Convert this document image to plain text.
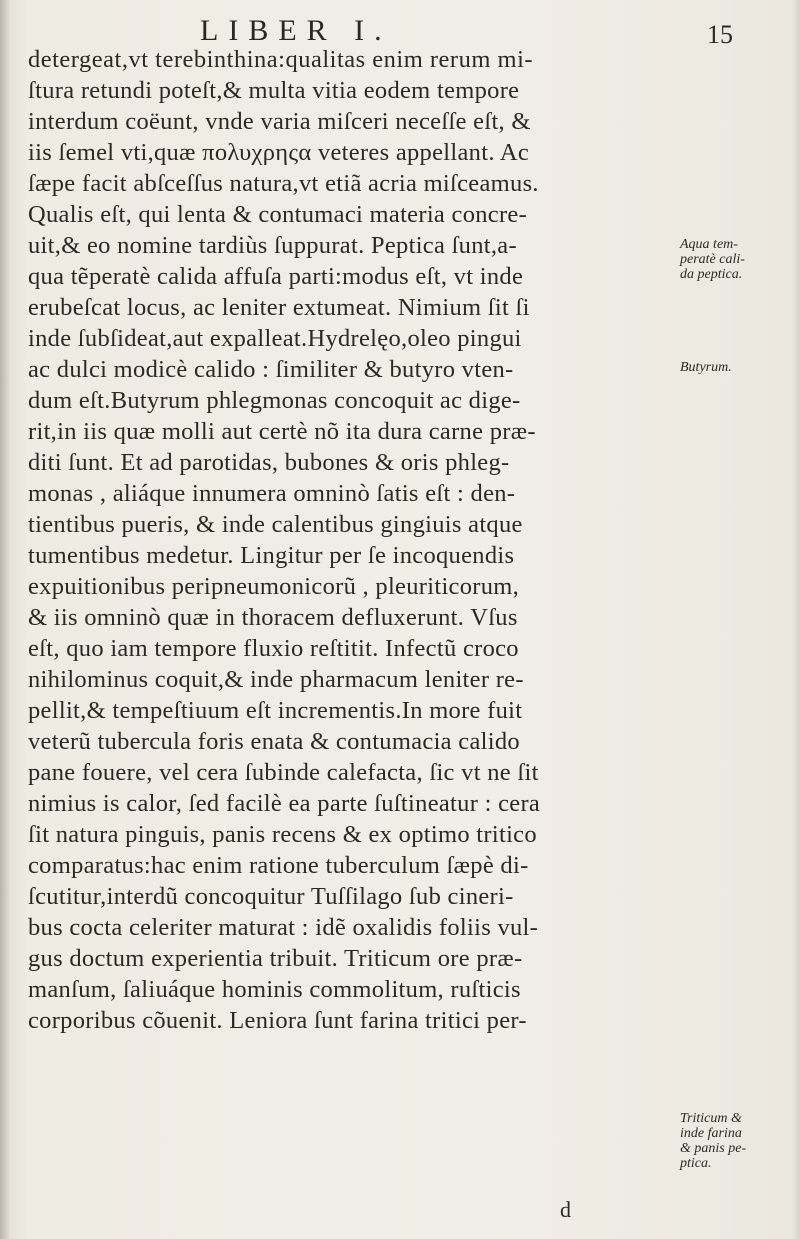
LIBER I.	15
detergeat,vt terebinthina:qualitas enim rerum mi-
ſtura retundi poteſt,& multa vitia eodem tempore
interdum coëunt, vnde varia miſceri neceſſe eſt, &
iis ſemel vti,quæ πολυχρηςα veteres appellant. Ac
ſæpe facit abſceſſus natura,vt etiã acria miſceamus.
Qualis eſt, qui lenta & contumaci materia concre-
uit,& eo nomine tardiùs ſuppurat. Peptica ſunt,a-
qua tẽperatè calida affuſa parti:modus eſt, vt inde
erubeſcat locus, ac leniter extumeat. Nimium ſit ſi
inde ſubſideat,aut expalleat.Hydrelęo,oleo pingui
ac dulci modicè calido : ſimiliter & butyro vten-
dum eſt.Butyrum phlegmonas concoquit ac dige-
rit,in iis quæ molli aut certè nõ ita dura carne præ-
diti ſunt. Et ad parotidas, bubones & oris phleg-
monas , aliáque innumera omninò ſatis eſt : den-
tientibus pueris, & inde calentibus gingiuis atque
tumentibus medetur. Lingitur per ſe incoquendis
expuitionibus peripneumonicorũ , pleuriticorum,
& iis omninò quæ in thoracem defluxerunt. Vſus
eſt, quo iam tempore fluxio reſtitit. Infectũ croco
nihilominus coquit,& inde pharmacum leniter re-
pellit,& tempeſtiuum eſt incrementis.In more fuit
veterũ tubercula foris enata & contumacia calido
pane fouere, vel cera ſubinde calefacta, ſic vt ne ſit
nimius is calor, ſed facilè ea parte ſuſtineatur : cera
ſit natura pinguis, panis recens & ex optimo tritico
comparatus:hac enim ratione tuberculum ſæpè di-
ſcutitur,interdũ concoquitur Tuſſilago ſub cineri-
bus cocta celeriter maturat : idẽ oxalidis foliis vul-
gus doctum experientia tribuit. Triticum ore præ-
manſum, ſaliuáque hominis commolitum, ruſticis
corporibus cõuenit. Leniora ſunt farina tritici per-
Aqua tem-
peratè cali-
da peptica.
Butyrum.
Triticum &
inde farina
& panis pe-
ptica.
d
